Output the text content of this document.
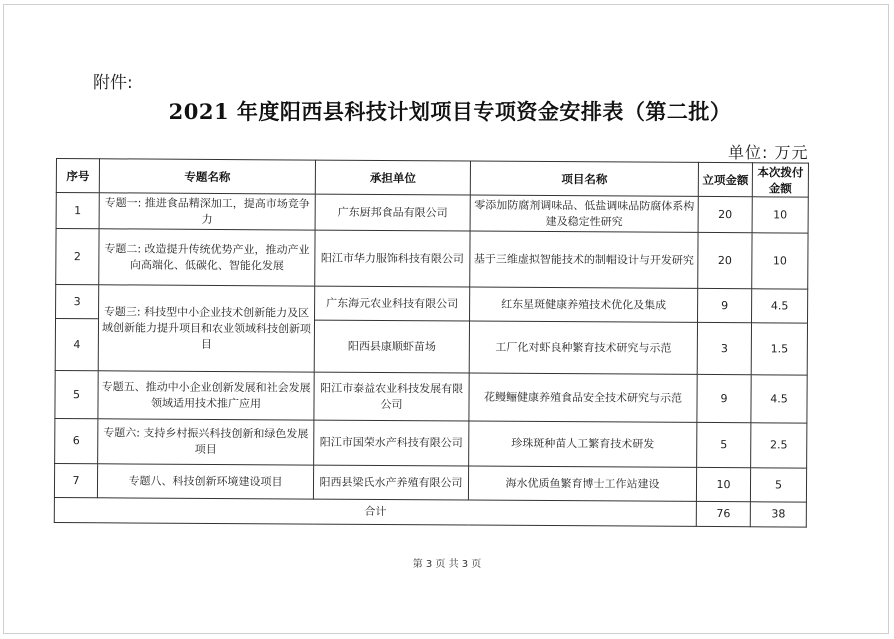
附件:
2021 年度阳西县科技计划项目专项资金安排表（第二批）
单位: 万元
序号	专题名称	承担单位	项目名称	立项金额	本次拨付金额
1	专题一: 推进食品精深加工，提高市场竞争力	广东厨邦食品有限公司	零添加防腐剂调味品、低盐调味品防腐体系构建及稳定性研究	20	10
2	专题二: 改造提升传统优势产业，推动产业向高端化、低碳化、智能化发展	阳江市华力服饰科技有限公司	基于三维虚拟智能技术的制帽设计与开发研究	20	10
3	专题三: 科技型中小企业技术创新能力及区域创新能力提升项目和农业领域科技创新项目	广东海元农业科技有限公司	红东星斑健康养殖技术优化及集成	9	4.5
4		阳西县康顺虾苗场	工厂化对虾良种繁育技术研究与示范	3	1.5
5	专题五、推动中小企业创新发展和社会发展领域适用技术推广应用	阳江市泰益农业科技发展有限公司	花鳗鲡健康养殖食品安全技术研究与示范	9	4.5
6	专题六: 支持乡村振兴科技创新和绿色发展项目	阳江市国荣水产科技有限公司	珍珠斑种苗人工繁育技术研发	5	2.5
7	专题八、科技创新环境建设项目	阳西县梁氏水产养殖有限公司	海水优质鱼繁育博士工作站建设	10	5
合计				76	38
第 3 页 共 3 页
